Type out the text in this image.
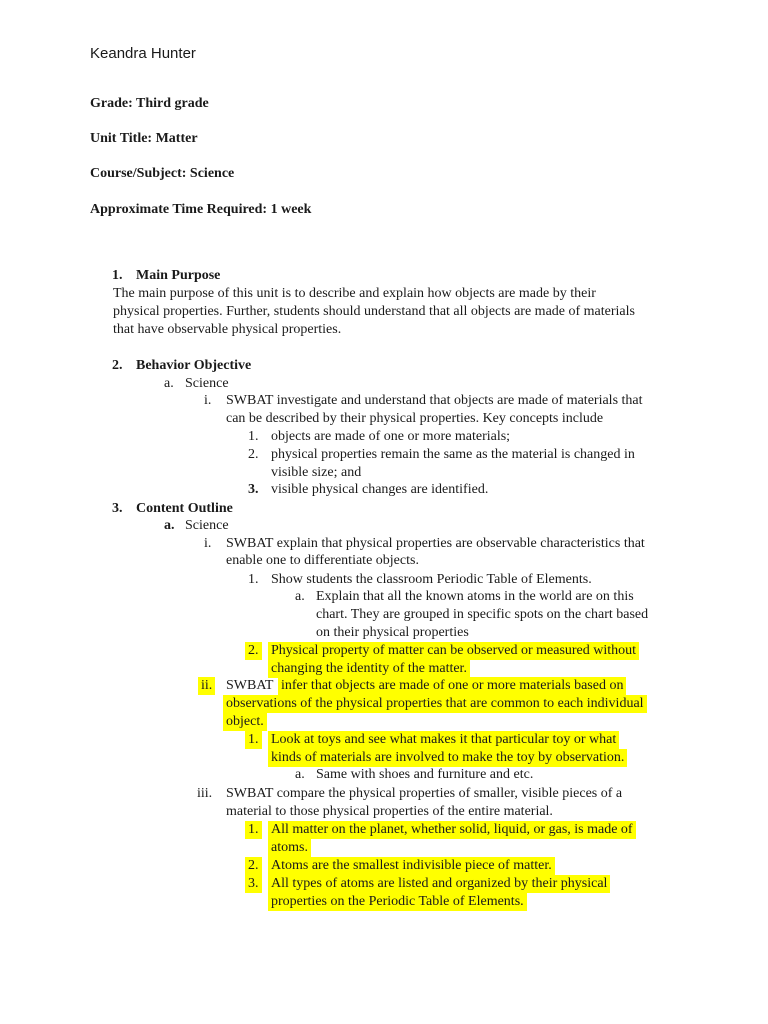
Keandra Hunter
Grade: Third grade
Unit Title: Matter
Course/Subject: Science
Approximate Time Required: 1 week
1. Main Purpose
The main purpose of this unit is to describe and explain how objects are made by their
physical properties. Further, students should understand that all objects are made of materials
that have observable physical properties.
2. Behavior Objective
a. Science
i. SWBAT investigate and understand that objects are made of materials that
can be described by their physical properties. Key concepts include
1. objects are made of one or more materials;
2. physical properties remain the same as the material is changed in
visible size; and
3. visible physical changes are identified.
3. Content Outline
a. Science
i. SWBAT explain that physical properties are observable characteristics that
enable one to differentiate objects.
1. Show students the classroom Periodic Table of Elements.
a. Explain that all the known atoms in the world are on this
chart. They are grouped in specific spots on the chart based
on their physical properties
2. Physical property of matter can be observed or measured without
changing the identity of the matter.
ii. SWBAT infer that objects are made of one or more materials based on
observations of the physical properties that are common to each individual
object.
1. Look at toys and see what makes it that particular toy or what
kinds of materials are involved to make the toy by observation.
a. Same with shoes and furniture and etc.
iii. SWBAT compare the physical properties of smaller, visible pieces of a
material to those physical properties of the entire material.
1. All matter on the planet, whether solid, liquid, or gas, is made of
atoms.
2. Atoms are the smallest indivisible piece of matter.
3. All types of atoms are listed and organized by their physical
properties on the Periodic Table of Elements.
